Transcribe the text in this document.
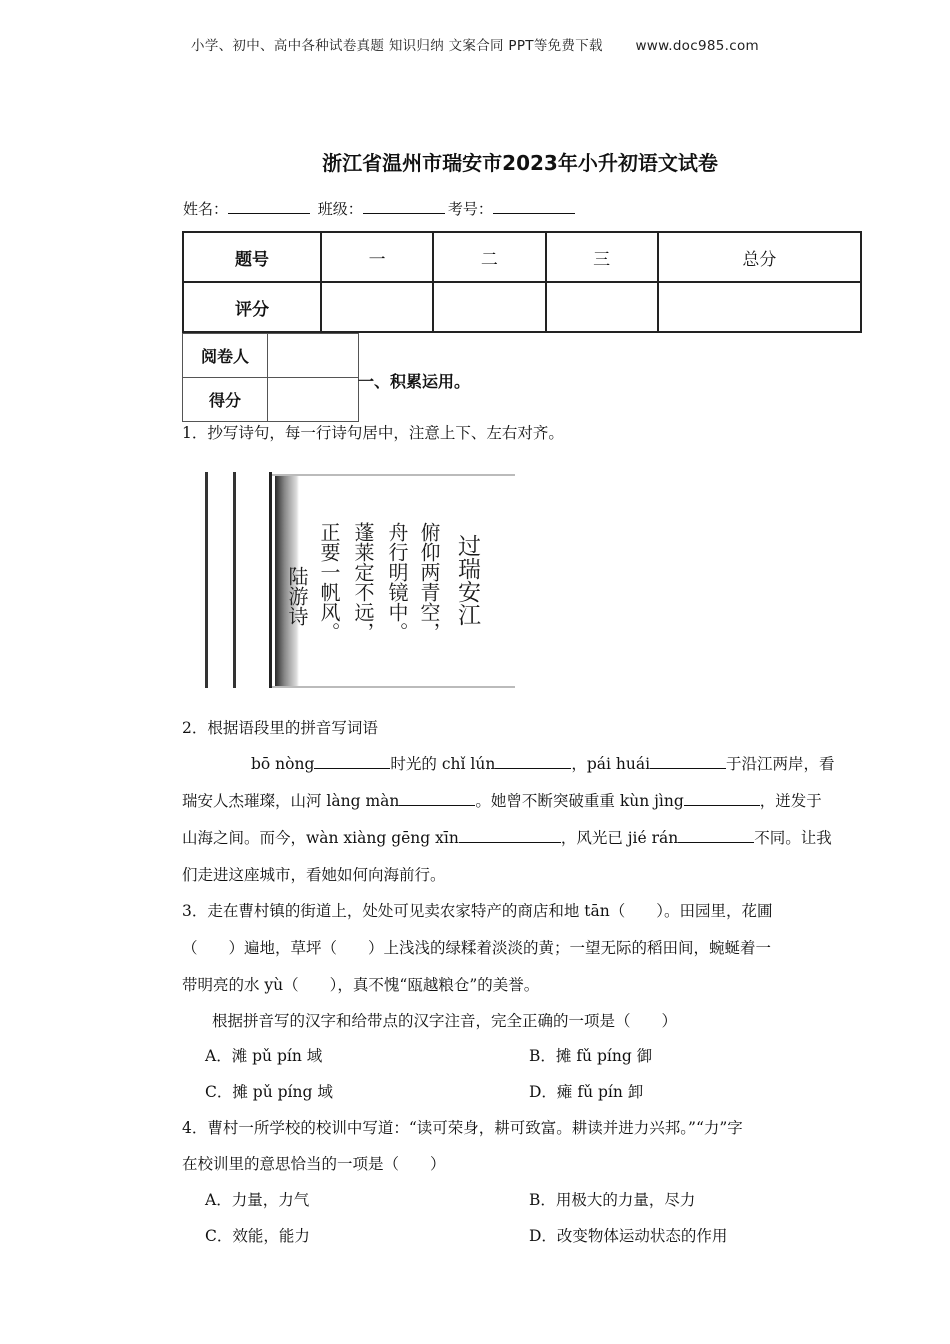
小学、初中、高中各种试卷真题 知识归纳 文案合同 PPT等免费下载 www.doc985.com
浙江省温州市瑞安市2023年小升初语文试卷
姓名：	班级：	考号：
题号	一	二	三	总分
评分				
阅卷人	
得分	
一、积累运用。
1．抄写诗句，每一行诗句居中，注意上下、左右对齐。
过瑞安江
俯仰两青空，
舟行明镜中。
蓬莱定不远，
正要一帆风。
陆游诗
2．根据语段里的拼音写词语
bō nòng	时光的 chǐ lún	，pái huái	于沿江两岸，看
瑞安人杰璀璨，山河 làng màn	。她曾不断突破重重 kùn jìng	，迸发于
山海之间。而今，wàn xiàng gēng xīn	，风光已 jié rán	不同。让我
们走进这座城市，看她如何向海前行。
3．走在曹村镇的街道上，处处可见卖农家特产的商店和地 tān（　　）。田园里，花圃
（　　）遍地，草坪（　　）上浅浅的绿糅着淡淡的黄；一望无际的稻田间，蜿蜒着一
带明亮的水 yù（　　），真不愧“瓯越粮仓”的美誉。
根据拼音写的汉字和给带点的汉字注音，完全正确的一项是（　　）
A．滩 pǔ pín 域	B．摊 fǔ píng 御
C．摊 pǔ píng 域	D．瘫 fǔ pín 卸
4．曹村一所学校的校训中写道：“读可荣身，耕可致富。耕读并进力兴邦。”“力”字
在校训里的意思恰当的一项是（　　）
A．力量，力气	B．用极大的力量，尽力
C．效能，能力	D．改变物体运动状态的作用
